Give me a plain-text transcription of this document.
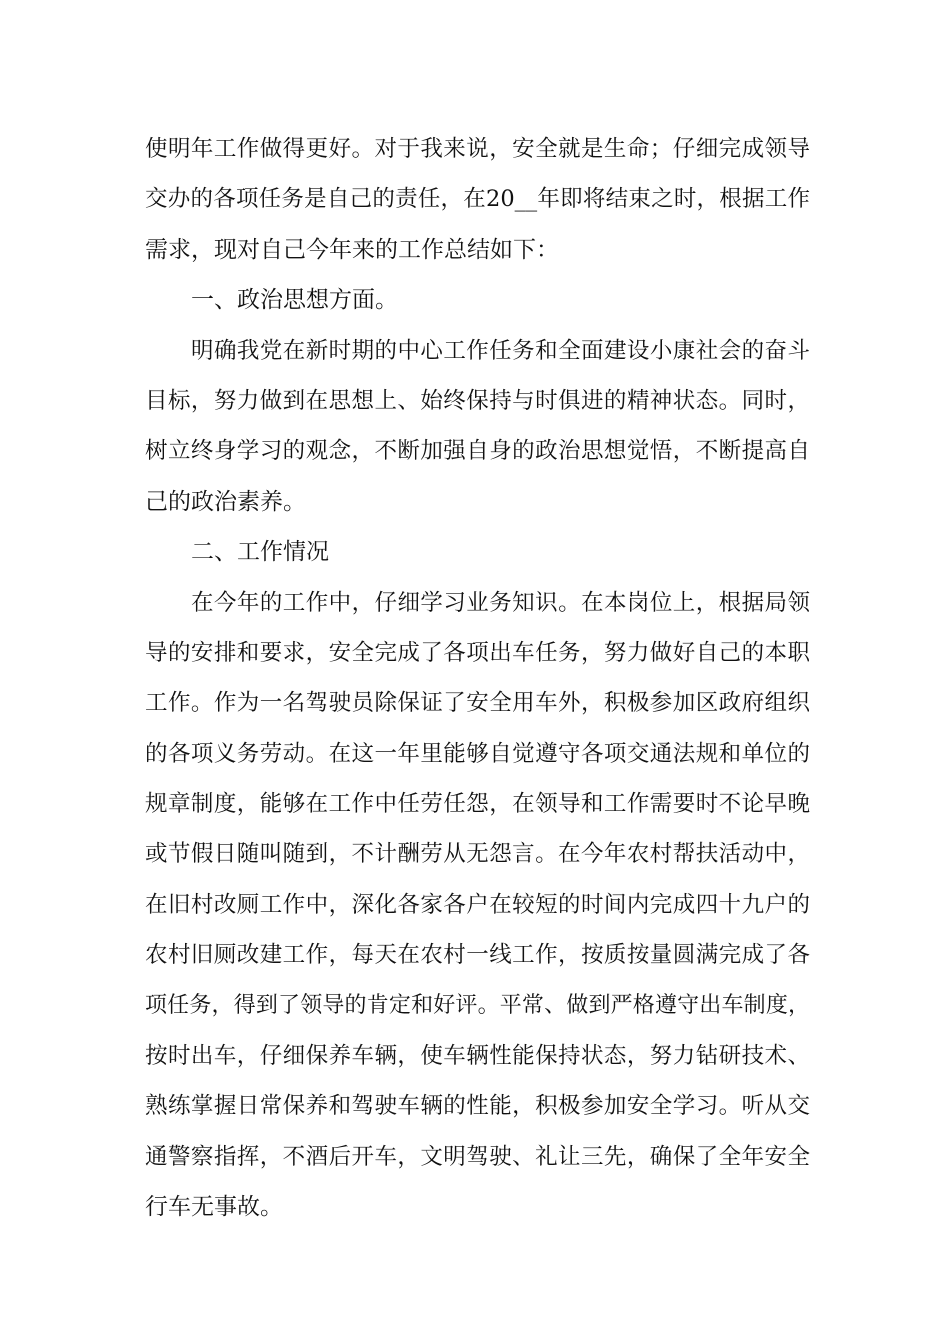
使明年工作做得更好。对于我来说，安全就是生命；仔细完成领导
交办的各项任务是自己的责任，在20__年即将结束之时，根据工作
需求，现对自己今年来的工作总结如下：
一、政治思想方面。
明确我党在新时期的中心工作任务和全面建设小康社会的奋斗
目标，努力做到在思想上、始终保持与时俱进的精神状态。同时，
树立终身学习的观念，不断加强自身的政治思想觉悟，不断提高自
己的政治素养。
二、工作情况
在今年的工作中，仔细学习业务知识。在本岗位上，根据局领
导的安排和要求，安全完成了各项出车任务，努力做好自己的本职
工作。作为一名驾驶员除保证了安全用车外，积极参加区政府组织
的各项义务劳动。在这一年里能够自觉遵守各项交通法规和单位的
规章制度，能够在工作中任劳任怨，在领导和工作需要时不论早晚
或节假日随叫随到，不计酬劳从无怨言。在今年农村帮扶活动中，
在旧村改厕工作中，深化各家各户在较短的时间内完成四十九户的
农村旧厕改建工作，每天在农村一线工作，按质按量圆满完成了各
项任务，得到了领导的肯定和好评。平常、做到严格遵守出车制度，
按时出车，仔细保养车辆，使车辆性能保持状态，努力钻研技术、
熟练掌握日常保养和驾驶车辆的性能，积极参加安全学习。听从交
通警察指挥，不酒后开车，文明驾驶、礼让三先，确保了全年安全
行车无事故。
